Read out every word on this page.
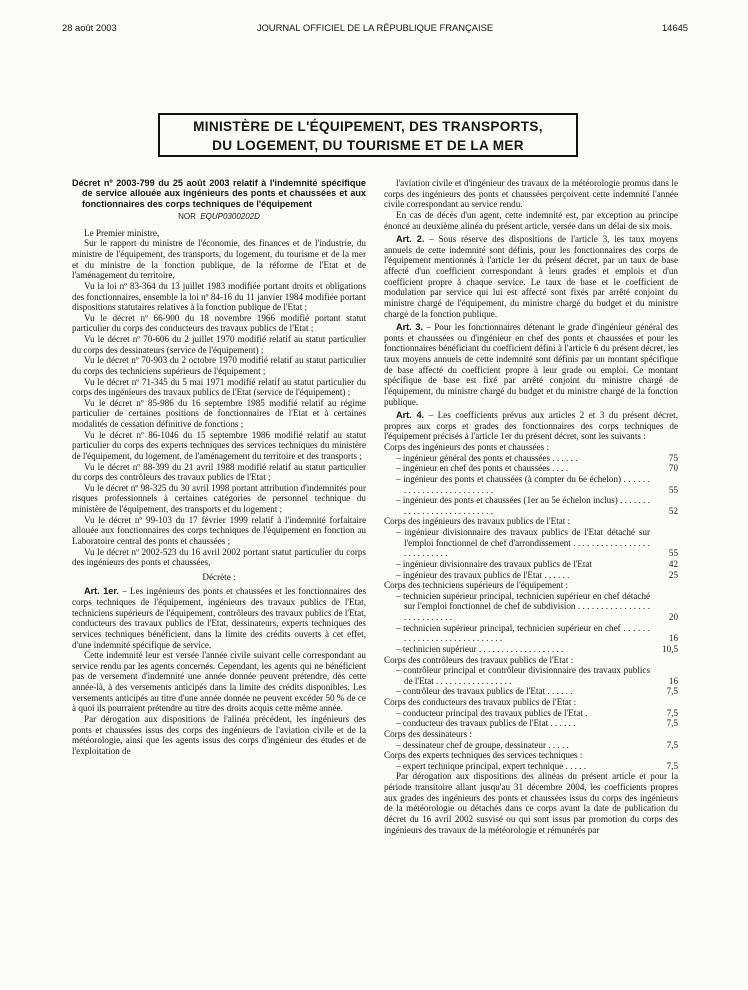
28 août 2003	JOURNAL OFFICIEL DE LA RÉPUBLIQUE FRANÇAISE	14645
MINISTÈRE DE L'ÉQUIPEMENT, DES TRANSPORTS,
DU LOGEMENT, DU TOURISME ET DE LA MER

Décret nº 2003-799 du 25 août 2003 relatif à l'indemnité spécifique de service allouée aux ingénieurs des ponts et chaussées et aux fonctionnaires des corps techniques de l'équipement

NOR EQUP0300202D

Le Premier ministre,

Sur le rapport du ministre de l'économie, des finances et de l'industrie, du ministre de l'équipement, des transports, du logement, du tourisme et de la mer et du ministre de la fonction publique, de la réforme de l'Etat et de l'aménagement du territoire,

Vu la loi nº 83-364 du 13 juillet 1983 modifiée portant droits et obligations des fonctionnaires, ensemble la loi nº 84-16 du 11 janvier 1984 modifiée portant dispositions statutaires relatives à la fonction publique de l'Etat ;

Vu le décret nº 66-900 du 18 novembre 1966 modifié portant statut particulier du corps des conducteurs des travaux publics de l'Etat ;

Vu le décret nº 70-606 du 2 juillet 1970 modifié relatif au statut particulier du corps des dessinateurs (service de l'équipement) ;

Vu le décret nº 70-903 du 2 octobre 1970 modifié relatif au statut particulier du corps des techniciens supérieurs de l'équipement ;

Vu le décret nº 71-345 du 5 mai 1971 modifié relatif au statut particulier du corps des ingénieurs des travaux publics de l'Etat (service de l'équipement) ;

Vu le décret nº 85-986 du 16 septembre 1985 modifié relatif au régime particulier de certaines positions de fonctionnaires de l'Etat et à certaines modalités de cessation définitive de fonctions ;

Vu le décret nº 86-1046 du 15 septembre 1986 modifié relatif au statut particulier du corps des experts techniques des services techniques du ministère de l'équipement, du logement, de l'aménagement du territoire et des transports ;

Vu le décret nº 88-399 du 21 avril 1988 modifié relatif au statut particulier du corps des contrôleurs des travaux publics de l'Etat ;

Vu le décret nº 98-325 du 30 avril 1998 portant attribution d'indemnités pour risques professionnels à certaines catégories de personnel technique du ministère de l'équipement, des transports et du logement ;

Vu le décret nº 99-103 du 17 février 1999 relatif à l'indemnité forfaitaire allouée aux fonctionnaires des corps techniques de l'équipement en fonction au Laboratoire central des ponts et chaussées ;

Vu le décret nº 2002-523 du 16 avril 2002 portant statut particulier du corps des ingénieurs des ponts et chaussées,

Décrète :

Art. 1er. – Les ingénieurs des ponts et chaussées et les fonctionnaires des corps techniques de l'équipement, ingénieurs des travaux publics de l'Etat, techniciens supérieurs de l'équipement, contrôleurs des travaux publics de l'Etat, conducteurs des travaux publics de l'Etat, dessinateurs, experts techniques des services techniques bénéficient, dans la limite des crédits ouverts à cet effet, d'une indemnité spécifique de service.

Cette indemnité leur est versée l'année civile suivant celle correspondant au service rendu par les agents concernés. Cependant, les agents qui ne bénéficient pas de versement d'indemnité une année donnée peuvent prétendre, dès cette année-là, à des versements anticipés dans la limite des crédits disponibles. Les versements anticipés au titre d'une année donnée ne peuvent excéder 50 % de ce à quoi ils pourraient prétendre au titre des droits acquis cette même année.

Par dérogation aux dispositions de l'alinéa précédent, les ingénieurs des ponts et chaussées issus des corps des ingénieurs de l'aviation civile et de la météorologie, ainsi que les agents issus des corps d'ingénieur des études et de l'exploitation de

l'aviation civile et d'ingénieur des travaux de la météorologie promus dans le corps des ingénieurs des ponts et chaussées perçoivent cette indemnité l'année civile correspondant au service rendu.

En cas de décès d'un agent, cette indemnité est, par exception au principe énoncé au deuxième alinéa du présent article, versée dans un délai de six mois.

Art. 2. – Sous réserve des dispositions de l'article 3, les taux moyens annuels de cette indemnité sont définis, pour les fonctionnaires des corps de l'équipement mentionnés à l'article 1er du présent décret, par un taux de base affecté d'un coefficient correspondant à leurs grades et emplois et d'un coefficient propre à chaque service. Le taux de base et le coefficient de modulation par service qui lui est affecté sont fixés par arrêté conjoint du ministre chargé de l'équipement, du ministre chargé du budget et du ministre chargé de la fonction publique.

Art. 3. – Pour les fonctionnaires détenant le grade d'ingénieur général des ponts et chaussées ou d'ingénieur en chef des ponts et chaussées et pour les fonctionnaires bénéficiant du coefficient défini à l'article 6 du présent décret, les taux moyens annuels de cette indemnité sont définis par un montant spécifique de base affecté du coefficient propre à leur grade ou emploi. Ce montant spécifique de base est fixé par arrêté conjoint du ministre chargé de l'équipement, du ministre chargé du budget et du ministre chargé de la fonction publique.

Art. 4. – Les coefficients prévus aux articles 2 et 3 du présent décret, propres aux corps et grades des fonctionnaires des corps techniques de l'équipement précisés à l'article 1er du présent décret, sont les suivants :

Corps des ingénieurs des ponts et chaussées :	

– ingénieur général des ponts et chaussées . . . . . .	75

– ingénieur en chef des ponts et chaussées . . . .	70

– ingénieur des ponts et chaussées (à compter du 6e échelon) . . . . . . . . . . . . . . . . . . . . . . . . . .	55

– ingénieur des ponts et chaussées (1er au 5e échelon inclus) . . . . . . . . . . . . . . . . . . . . . . . . . . .	52
Corps des ingénieurs des travaux publics de l'Etat :	

– ingénieur divisionnaire des travaux publics de l'Etat détaché sur l'emploi fonctionnel de chef d'arrondissement . . . . . . . . . . . . . . . . . . . . . . . . . . .	55

– ingénieur divisionnaire des travaux publics de l'Etat	42

– ingénieur des travaux publics de l'Etat . . . . . .	25
Corps des techniciens supérieurs de l'équipement :	

– technicien supérieur principal, technicien supérieur en chef détaché sur l'emploi fonctionnel de chef de subdivision . . . . . . . . . . . . . . . . . . . . . . . . . . .	20

– technicien supérieur principal, technicien supérieur en chef . . . . . . . . . . . . . . . . . . . . . . . . . . . .	16

– technicien supérieur . . . . . . . . . . . . . . . . . . .	10,5
Corps des contrôleurs des travaux publics de l'Etat :	

– contrôleur principal et contrôleur divisionnaire des travaux publics de l'Etat . . . . . . . . . . . . . . . . .	16

– contrôleur des travaux publics de l'Etat . . . . . .	7,5
Corps des conducteurs des travaux publics de l'Etat :	

– conducteur principal des travaux publics de l'Etat .	7,5

– conducteur des travaux publics de l'Etat . . . . . .	7,5
Corps des dessinateurs :	

– dessinateur chef de groupe, dessinateur . . . . .	7,5
Corps des experts techniques des services techniques :	

– expert technique principal, expert technique . . . . .	7,5

Par dérogation aux dispositions des alinéas du présent article et pour la période transitoire allant jusqu'au 31 décembre 2004, les coefficients propres aux grades des ingénieurs des ponts et chaussées issus du corps des ingénieurs de la météorologie ou détachés dans ce corps avant la date de publication du décret du 16 avril 2002 susvisé ou qui sont issus par promotion du corps des ingénieurs des travaux de la météorologie et rémunérés par
